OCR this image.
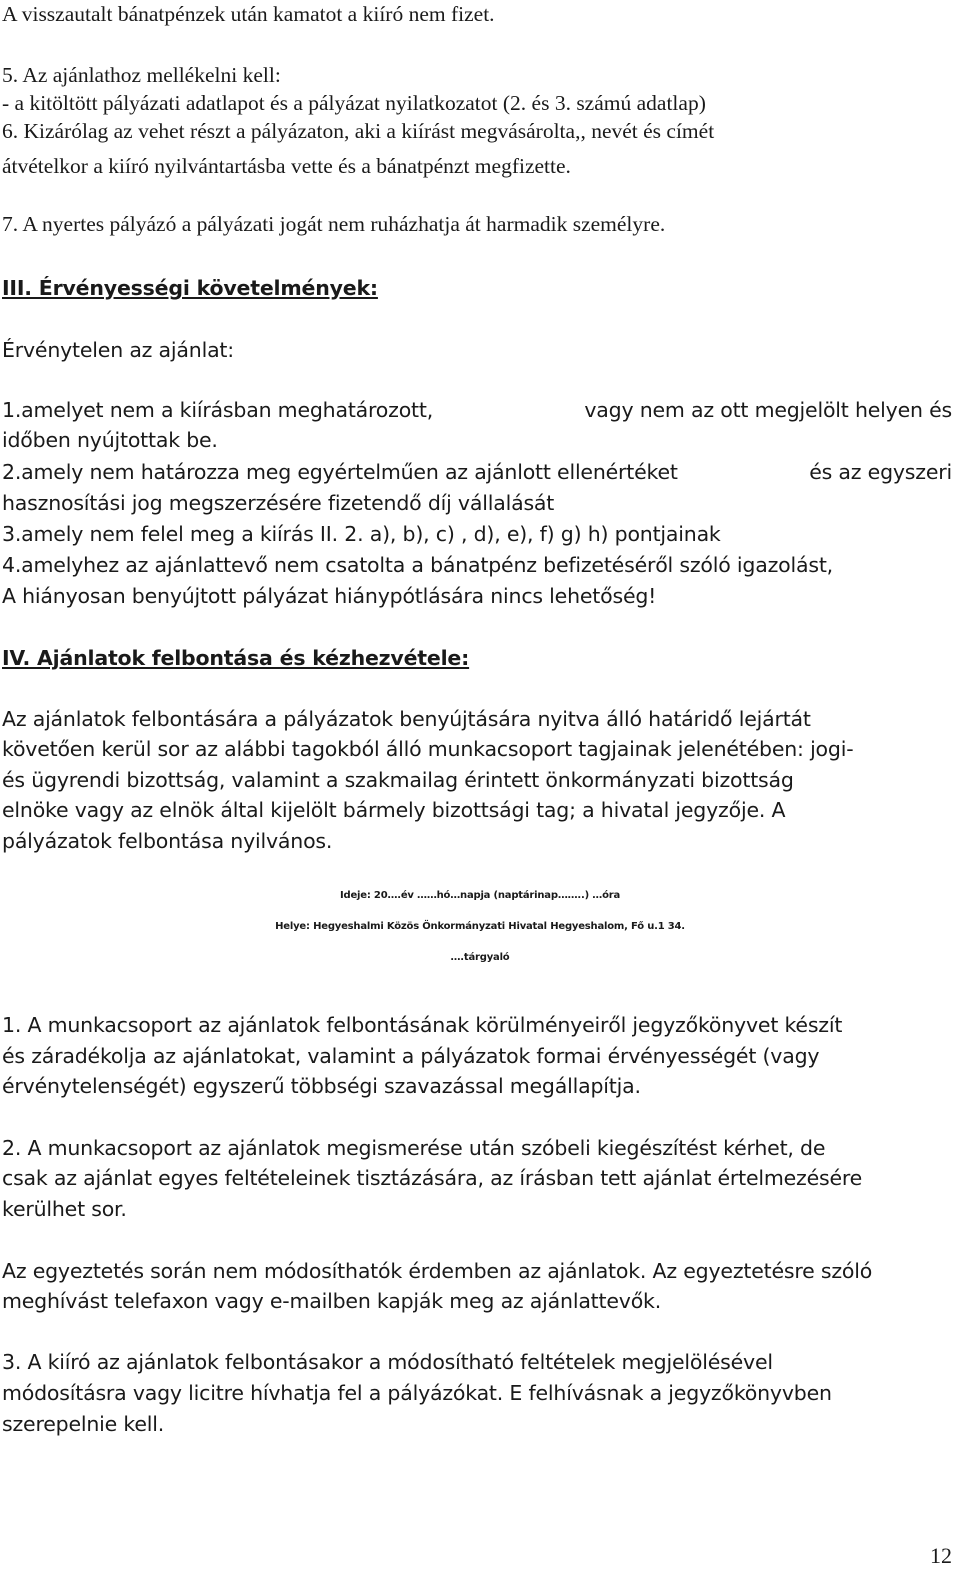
A visszautalt bánatpénzek után kamatot a kiíró nem fizet.

5. Az ajánlathoz mellékelni kell:

- a kitöltött pályázati adatlapot és a pályázat nyilatkozatot (2. és 3. számú adatlap)

6. Kizárólag az vehet részt a pályázaton, aki a kiírást megvásárolta,, nevét és címét

átvételkor a kiíró nyilvántartásba vette és a bánatpénzt megfizette.

7. A nyertes pályázó a pályázati jogát nem ruházhatja át harmadik személyre.

III. Érvényességi követelmények:

Érvénytelen az ajánlat:

1.amelyet nem a kiírásban meghatározott,	vagy nem az ott megjelölt helyen és

időben nyújtottak be.

2.amely nem határozza meg egyértelműen az ajánlott ellenértéket	és az egyszeri

hasznosítási jog megszerzésére fizetendő díj vállalását

3.amely nem felel meg a kiírás II. 2. a), b), c) , d), e), f) g) h) pontjainak

4.amelyhez az ajánlattevő nem csatolta a bánatpénz befizetéséről szóló igazolást,

A hiányosan benyújtott pályázat hiánypótlására nincs lehetőség!

IV. Ajánlatok felbontása és kézhezvétele:

Az ajánlatok felbontására a pályázatok benyújtására nyitva álló határidő lejártát

követően kerül sor az alábbi tagokból álló munkacsoport tagjainak jelenétében: jogi-

és ügyrendi bizottság, valamint a szakmailag érintett önkormányzati bizottság

elnöke vagy az elnök által kijelölt bármely bizottsági tag; a hivatal jegyzője. A

pályázatok felbontása nyilvános.

Ideje: 20….év ……hó…napja (naptárinap……..) …óra

Helye: Hegyeshalmi Közös Önkormányzati Hivatal Hegyeshalom, Fő u.1 34.

….tárgyaló

1. A munkacsoport az ajánlatok felbontásának körülményeiről jegyzőkönyvet készít

és záradékolja az ajánlatokat, valamint a pályázatok formai érvényességét (vagy

érvénytelenségét) egyszerű többségi szavazással megállapítja.

2. A munkacsoport az ajánlatok megismerése után szóbeli kiegészítést kérhet, de

csak az ajánlat egyes feltételeinek tisztázására, az írásban tett ajánlat értelmezésére

kerülhet sor.

Az egyeztetés során nem módosíthatók érdemben az ajánlatok. Az egyeztetésre szóló

meghívást telefaxon vagy e-mailben kapják meg az ajánlattevők.

3. A kiíró az ajánlatok felbontásakor a módosítható feltételek megjelölésével

módosításra vagy licitre hívhatja fel a pályázókat. E felhívásnak a jegyzőkönyvben

szerepelnie kell.

12
